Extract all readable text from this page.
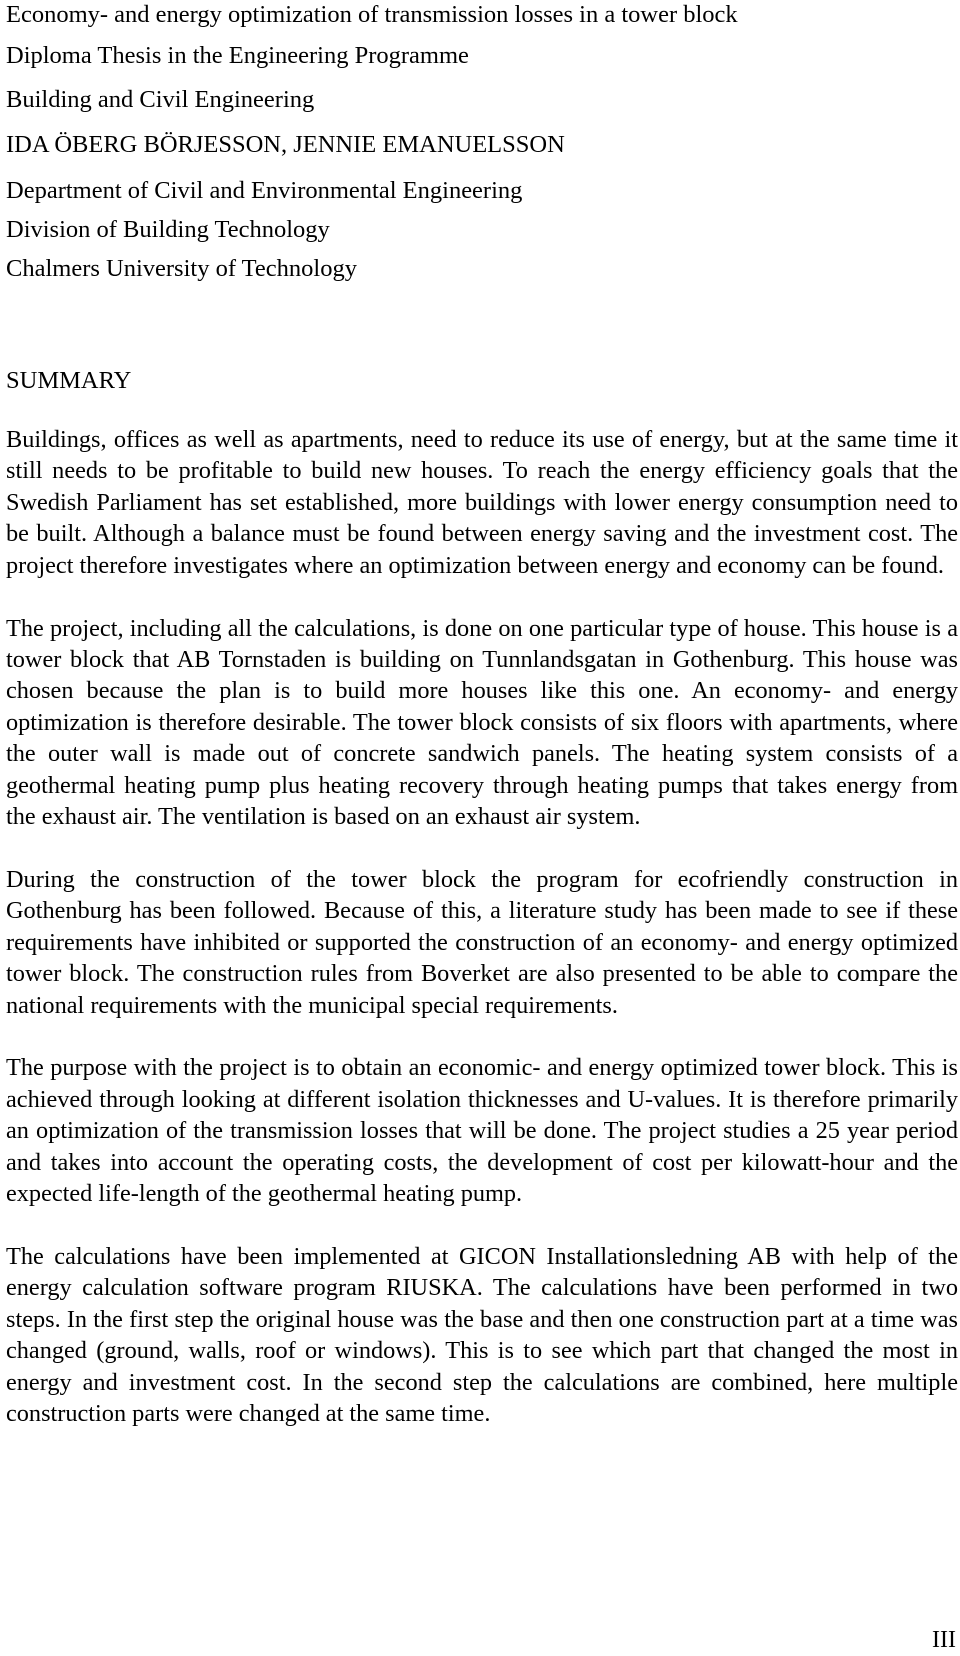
Economy- and energy optimization of transmission losses in a tower block

Diploma Thesis in the Engineering Programme

Building and Civil Engineering

IDA ÖBERG BÖRJESSON, JENNIE EMANUELSSON

Department of Civil and Environmental Engineering

Division of Building Technology

Chalmers University of Technology

SUMMARY

Buildings, offices as well as apartments, need to reduce its use of energy, but at the same time it still needs to be profitable to build new houses. To reach the energy efficiency goals that the Swedish Parliament has set established, more buildings with lower energy consumption need to be built. Although a balance must be found between energy saving and the investment cost. The project therefore investigates where an optimization between energy and economy can be found.

The project, including all the calculations, is done on one particular type of house. This house is a tower block that AB Tornstaden is building on Tunnlandsgatan in Gothenburg. This house was chosen because the plan is to build more houses like this one. An economy- and energy optimization is therefore desirable. The tower block consists of six floors with apartments, where the outer wall is made out of concrete sandwich panels. The heating system consists of a geothermal heating pump plus heating recovery through heating pumps that takes energy from the exhaust air. The ventilation is based on an exhaust air system.

During the construction of the tower block the program for ecofriendly construction in Gothenburg has been followed. Because of this, a literature study has been made to see if these requirements have inhibited or supported the construction of an economy- and energy optimized tower block. The construction rules from Boverket are also presented to be able to compare the national requirements with the municipal special requirements.

The purpose with the project is to obtain an economic- and energy optimized tower block. This is achieved through looking at different isolation thicknesses and U-values. It is therefore primarily an optimization of the transmission losses that will be done. The project studies a 25 year period and takes into account the operating costs, the development of cost per kilowatt-hour and the expected life-length of the geothermal heating pump.

The calculations have been implemented at GICON Installationsledning AB with help of the energy calculation software program RIUSKA. The calculations have been performed in two steps. In the first step the original house was the base and then one construction part at a time was changed (ground, walls, roof or windows). This is to see which part that changed the most in energy and investment cost. In the second step the calculations are combined, here multiple construction parts were changed at the same time.

III
